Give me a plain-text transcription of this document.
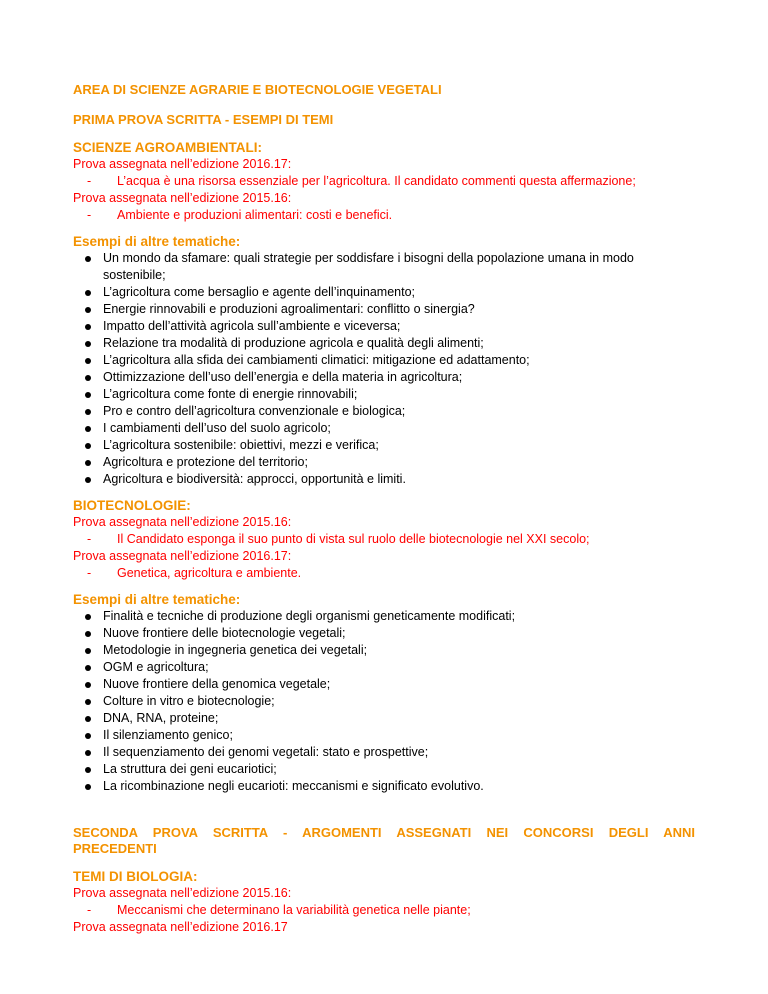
AREA DI SCIENZE AGRARIE E BIOTECNOLOGIE VEGETALI

PRIMA PROVA SCRITTA - ESEMPI DI TEMI

SCIENZE AGROAMBIENTALI:

Prova assegnata nell’edizione 2016.17:

-	L’acqua è una risorsa essenziale per l’agricoltura. Il candidato commenti questa affermazione;

Prova assegnata nell’edizione 2015.16:

-	Ambiente e produzioni alimentari: costi e benefici.

Esempi di altre tematiche:

Un mondo da sfamare: quali strategie per soddisfare i bisogni della popolazione umana in modo sostenibile;
L’agricoltura come bersaglio e agente dell’inquinamento;
Energie rinnovabili e produzioni agroalimentari: conflitto o sinergia?
Impatto dell’attività agricola sull’ambiente e viceversa;
Relazione tra modalità di produzione agricola e qualità degli alimenti;
L’agricoltura alla sfida dei cambiamenti climatici: mitigazione ed adattamento;
Ottimizzazione dell’uso dell’energia e della materia in agricoltura;
L’agricoltura come fonte di energie rinnovabili;
Pro e contro dell’agricoltura convenzionale e biologica;
I cambiamenti dell’uso del suolo agricolo;
L’agricoltura sostenibile: obiettivi, mezzi e verifica;
Agricoltura e protezione del territorio;
Agricoltura e biodiversità: approcci, opportunità e limiti.

BIOTECNOLOGIE:

Prova assegnata nell’edizione 2015.16:

-	Il Candidato esponga il suo punto di vista sul ruolo delle biotecnologie nel XXI secolo;

Prova assegnata nell’edizione 2016.17:

-	Genetica, agricoltura e ambiente.

Esempi di altre tematiche:

Finalità e tecniche di produzione degli organismi geneticamente modificati;
Nuove frontiere delle biotecnologie vegetali;
Metodologie in ingegneria genetica dei vegetali;
OGM e agricoltura;
Nuove frontiere della genomica vegetale;
Colture in vitro e biotecnologie;
DNA, RNA, proteine;
Il silenziamento genico;
Il sequenziamento dei genomi vegetali: stato e prospettive;
La struttura dei geni eucariotici;
La ricombinazione negli eucarioti: meccanismi e significato evolutivo.

SECONDA PROVA SCRITTA - ARGOMENTI ASSEGNATI NEI CONCORSI DEGLI ANNI PRECEDENTI

TEMI DI BIOLOGIA:

Prova assegnata nell’edizione 2015.16:

-	Meccanismi che determinano la variabilità genetica nelle piante;

Prova assegnata nell’edizione 2016.17
